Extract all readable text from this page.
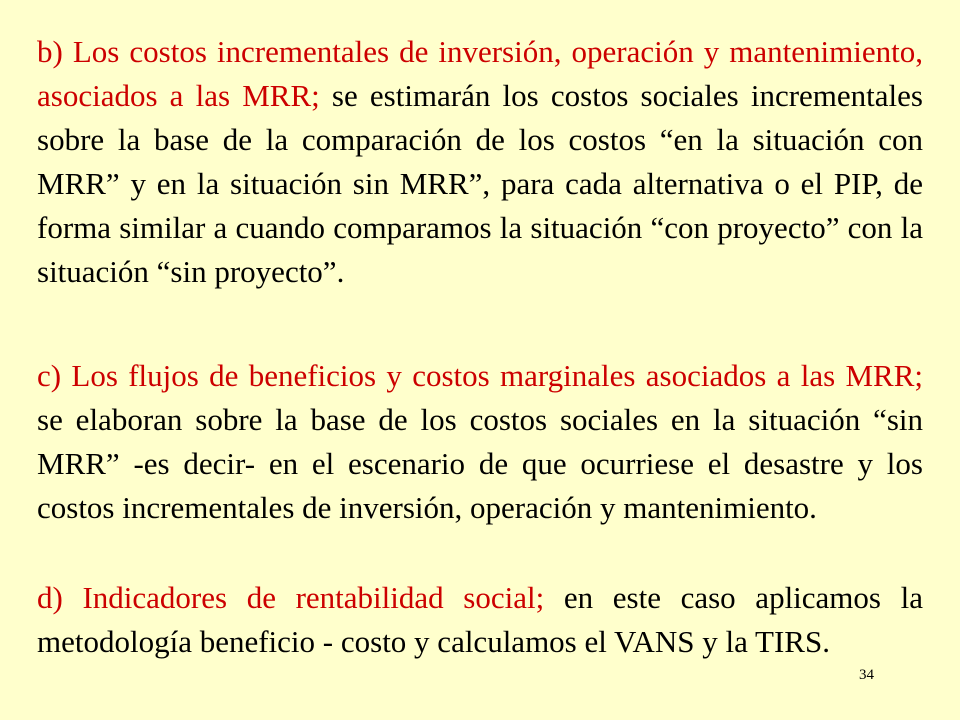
b) Los costos incrementales de inversión, operación y mantenimiento, asociados a las MRR; se estimarán los costos sociales incrementales sobre la base de la comparación de los costos “en la situación con MRR” y en la situación sin MRR”, para cada alternativa o el PIP, de forma similar a cuando comparamos la situación “con proyecto” con la situación “sin proyecto”.

c) Los flujos de beneficios y costos marginales asociados a las MRR; se elaboran sobre la base de los costos sociales en la situación “sin MRR” -es decir- en el escenario de que ocurriese el desastre y los costos incrementales de inversión, operación y mantenimiento.

d) Indicadores de rentabilidad social; en este caso aplicamos la metodología beneficio - costo y calculamos el VANS y la TIRS.

34
